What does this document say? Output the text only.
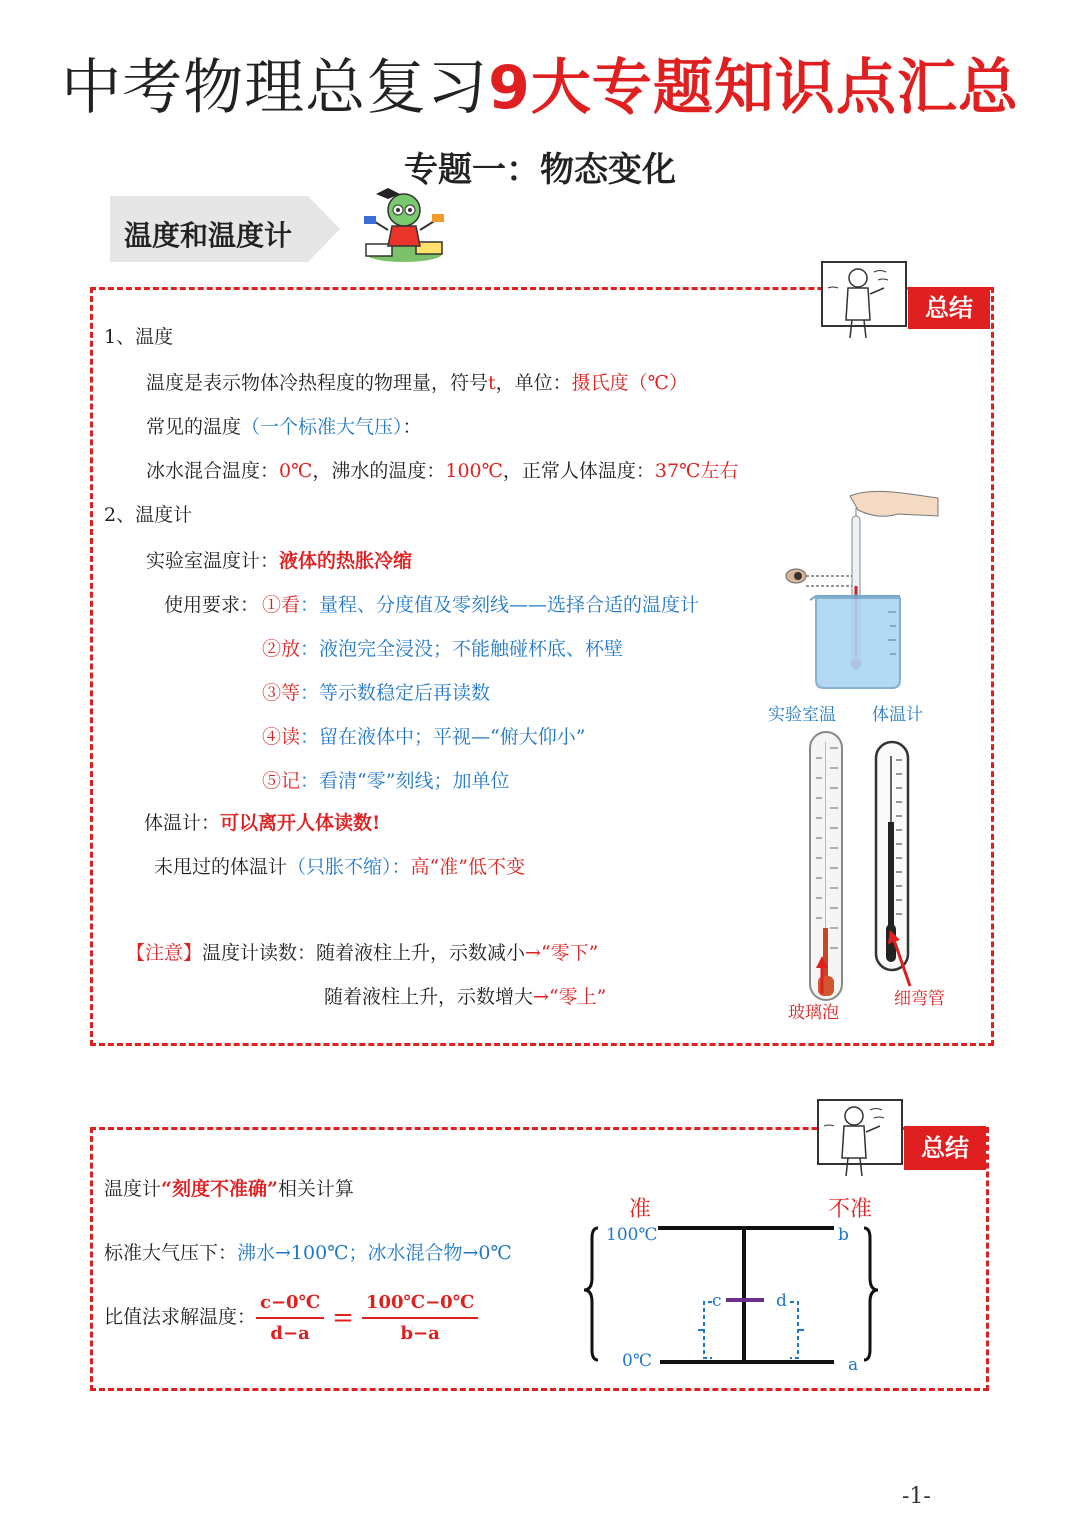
中考物理总复习9大专题知识点汇总
专题一：物态变化
温度和温度计
总结
1、温度
温度是表示物体冷热程度的物理量，符号t，单位：摄氏度（℃）
常见的温度（一个标准大气压）：
冰水混合温度：0℃，沸水的温度：100℃，正常人体温度：37℃左右
2、温度计
实验室温度计：液体的热胀冷缩
使用要求： ①看：量程、分度值及零刻线——选择合适的温度计
②放：液泡完全浸没；不能触碰杯底、杯壁
③等：等示数稳定后再读数
④读：留在液体中；平视—“俯大仰小”
⑤记：看清“零”刻线；加单位
体温计：可以离开人体读数!
未甩过的体温计（只胀不缩）：高“准”低不变
【注意】温度计读数：随着液柱上升，示数减小→“零下”
随着液柱上升，示数增大→“零上”
实验室温 体温计
玻璃泡
细弯管
总结
温度计“刻度不准确”相关计算
标准大气压下：沸水→100℃；冰水混合物→0℃
比值法求解温度： $\frac{c-0℃}{d-a} = \frac{100℃-0℃}{b-a}$
准	不准
100℃
0℃
b
a
c	d
-1-
